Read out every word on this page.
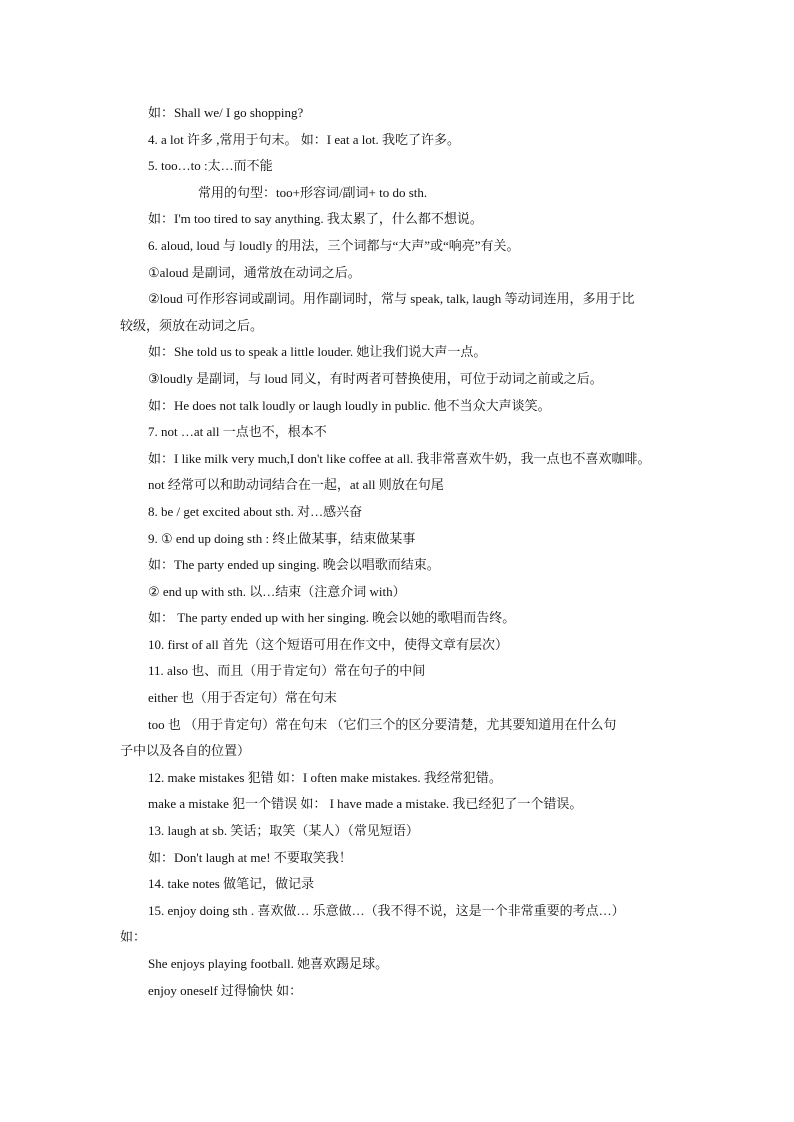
如：Shall we/ I go shopping?
4. a lot 许多 ,常用于句末。 如：I eat a lot. 我吃了许多。
5. too…to :太…而不能
常用的句型：too+形容词/副词+ to do sth.
如：I'm too tired to say anything. 我太累了，什么都不想说。
6. aloud, loud 与 loudly 的用法，三个词都与“大声”或“响亮”有关。
①aloud 是副词，通常放在动词之后。
②loud 可作形容词或副词。用作副词时，常与 speak, talk, laugh 等动词连用，多用于比
较级，须放在动词之后。
如：She told us to speak a little louder. 她让我们说大声一点。
③loudly 是副词，与 loud 同义，有时两者可替换使用，可位于动词之前或之后。
如：He does not talk loudly or laugh loudly in public. 他不当众大声谈笑。
7. not …at all 一点也不，根本不
如：I like milk very much,I don't like coffee at all. 我非常喜欢牛奶，我一点也不喜欢咖啡。
not 经常可以和助动词结合在一起，at all 则放在句尾
8. be / get excited about sth. 对…感兴奋
9. ① end up doing sth : 终止做某事，结束做某事
如：The party ended up singing. 晚会以唱歌而结束。
② end up with sth. 以…结束（注意介词 with）
如： The party ended up with her singing. 晚会以她的歌唱而告终。
10. first of all 首先（这个短语可用在作文中，使得文章有层次）
11. also 也、而且（用于肯定句）常在句子的中间
either 也（用于否定句）常在句末
too 也 （用于肯定句）常在句末 （它们三个的区分要清楚，尤其要知道用在什么句
子中以及各自的位置）
12. make mistakes 犯错 如：I often make mistakes. 我经常犯错。
make a mistake 犯一个错误 如： I have made a mistake. 我已经犯了一个错误。
13. laugh at sb. 笑话；取笑（某人）（常见短语）
如：Don't laugh at me! 不要取笑我！
14. take notes 做笔记，做记录
15. enjoy doing sth . 喜欢做… 乐意做…（我不得不说，这是一个非常重要的考点…）
如：
She enjoys playing football. 她喜欢踢足球。
enjoy oneself 过得愉快 如：
